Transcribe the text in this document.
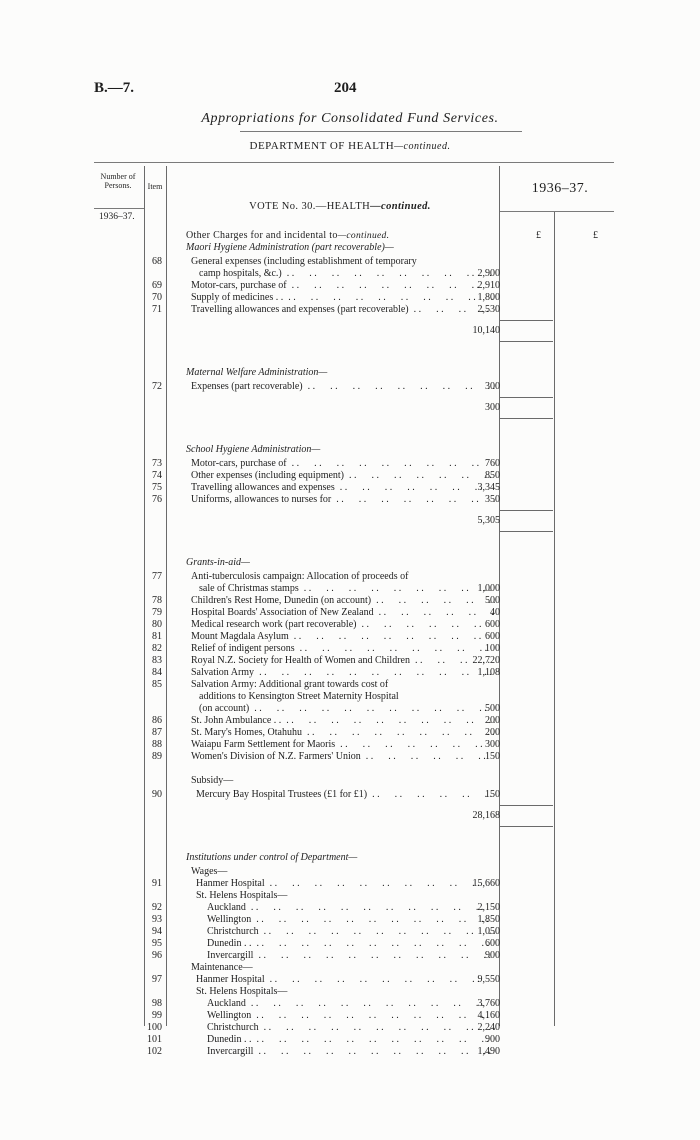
B.—7.	204
Appropriations for Consolidated Fund Services.
DEPARTMENT OF HEALTH—continued.
Number of Persons.	Item	1936–37.
VOTE No. 30.—HEALTH—continued.
1936–37.
Other Charges for and incidental to—continued.	£	£
Maori Hygiene Administration (part recoverable)—
68	General expenses (including establishment of temporary
camp hospitals, &c.) . .	2,900
69	Motor-cars, purchase of . .	2,910
70	Supply of medicines . . . .	1,800
71	Travelling allowances and expenses (part recoverable) . .	2,530
10,140
Maternal Welfare Administration—
72	Expenses (part recoverable) . .	300
300
School Hygiene Administration—
73	Motor-cars, purchase of . .	760
74	Other expenses (including equipment) . .	850
75	Travelling allowances and expenses . .	3,345
76	Uniforms, allowances to nurses for . .	350
5,305
Grants-in-aid—
77	Anti-tuberculosis campaign: Allocation of proceeds of
sale of Christmas stamps . .	1,000
78	Children's Rest Home, Dunedin (on account) . .	500
79	Hospital Boards' Association of New Zealand . .	40
80	Medical research work (part recoverable) . .	600
81	Mount Magdala Asylum . .	600
82	Relief of indigent persons . .	100
83	Royal N.Z. Society for Health of Women and Children . .	22,720
84	Salvation Army . .	1,108
85	Salvation Army: Additional grant towards cost of
additions to Kensington Street Maternity Hospital
(on account) . .	500
86	St. John Ambulance . . . .	200
87	St. Mary's Homes, Otahuhu . .	200
88	Waiapu Farm Settlement for Maoris . .	300
89	Women's Division of N.Z. Farmers' Union . .	150
Subsidy—
90	Mercury Bay Hospital Trustees (£1 for £1) . .	150
28,168
Institutions under control of Department—
Wages—
91	Hanmer Hospital . .	15,660
St. Helens Hospitals—
92	Auckland . .	2,150
93	Wellington . .	1,850
94	Christchurch . .	1,050
95	Dunedin . . . .	600
96	Invercargill . .	900
Maintenance—
97	Hanmer Hospital . .	9,550
St. Helens Hospitals—
98	Auckland . .	3,760
99	Wellington . .	4,160
100	Christchurch . .	2,240
101	Dunedin . . . .	900
102	Invercargill . .	1,490
